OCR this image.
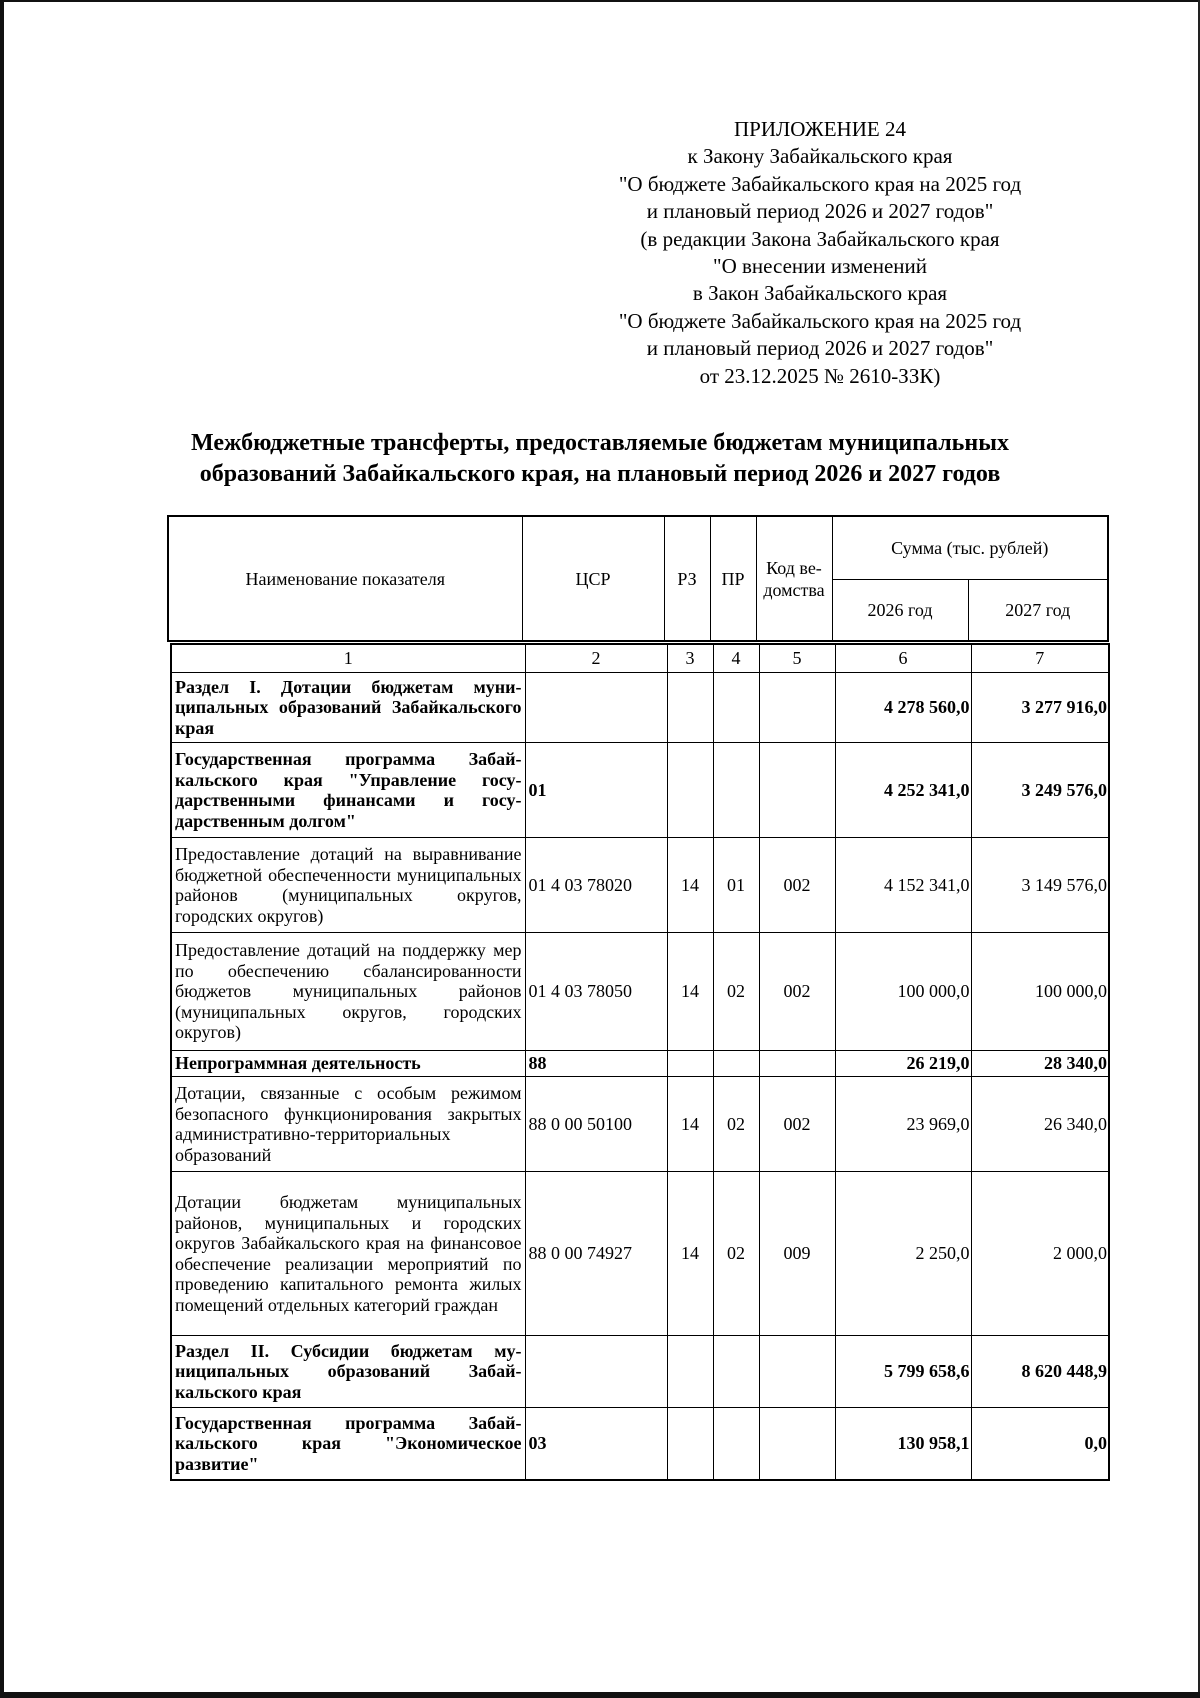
ПРИЛОЖЕНИЕ 24
к Закону Забайкальского края
"О бюджете Забайкальского края на 2025 год
и плановый период 2026 и 2027 годов"
(в редакции Закона Забайкальского края
"О внесении изменений
в Закон Забайкальского края
"О бюджете Забайкальского края на 2025 год
и плановый период 2026 и 2027 годов"
от 23.12.2025 № 2610-ЗЗК)
Межбюджетные трансферты, предоставляемые бюджетам муниципальных
образований Забайкальского края, на плановый период 2026 и 2027 годов
Наименование показателя	ЦСР	РЗ	ПР	Код ве- домства	Сумма (тыс. рублей)	
					2026 год	2027 год
1	2	3	4	5	6	7
Раздел I. Дотации бюджетам муниципальных образований Забайкальского края					4 278 560,0	3 277 916,0
Государственная программа Забайкальского края "Управление государственными финансами и государственным долгом"	01				4 252 341,0	3 249 576,0
Предоставление дотаций на выравнивание бюджетной обеспеченности муниципальных районов (муниципальных округов, городских округов)	01 4 03 78020	14	01	002	4 152 341,0	3 149 576,0
Предоставление дотаций на поддержку мер по обеспечению сбалансированности бюджетов муниципальных районов (муниципальных округов, городских округов)	01 4 03 78050	14	02	002	100 000,0	100 000,0
Непрограммная деятельность	88				26 219,0	28 340,0
Дотации, связанные с особым режимом безопасного функционирования закрытых административно-территориальных образований	88 0 00 50100	14	02	002	23 969,0	26 340,0
Дотации бюджетам муниципальных районов, муниципальных и городских округов Забайкальского края на финансовое обеспечение реализации мероприятий по проведению капитального ремонта жилых помещений отдельных категорий граждан	88 0 00 74927	14	02	009	2 250,0	2 000,0
Раздел II. Субсидии бюджетам муниципальных образований Забайкальского края					5 799 658,6	8 620 448,9
Государственная программа Забайкальского края "Экономическое развитие"	03				130 958,1	0,0
